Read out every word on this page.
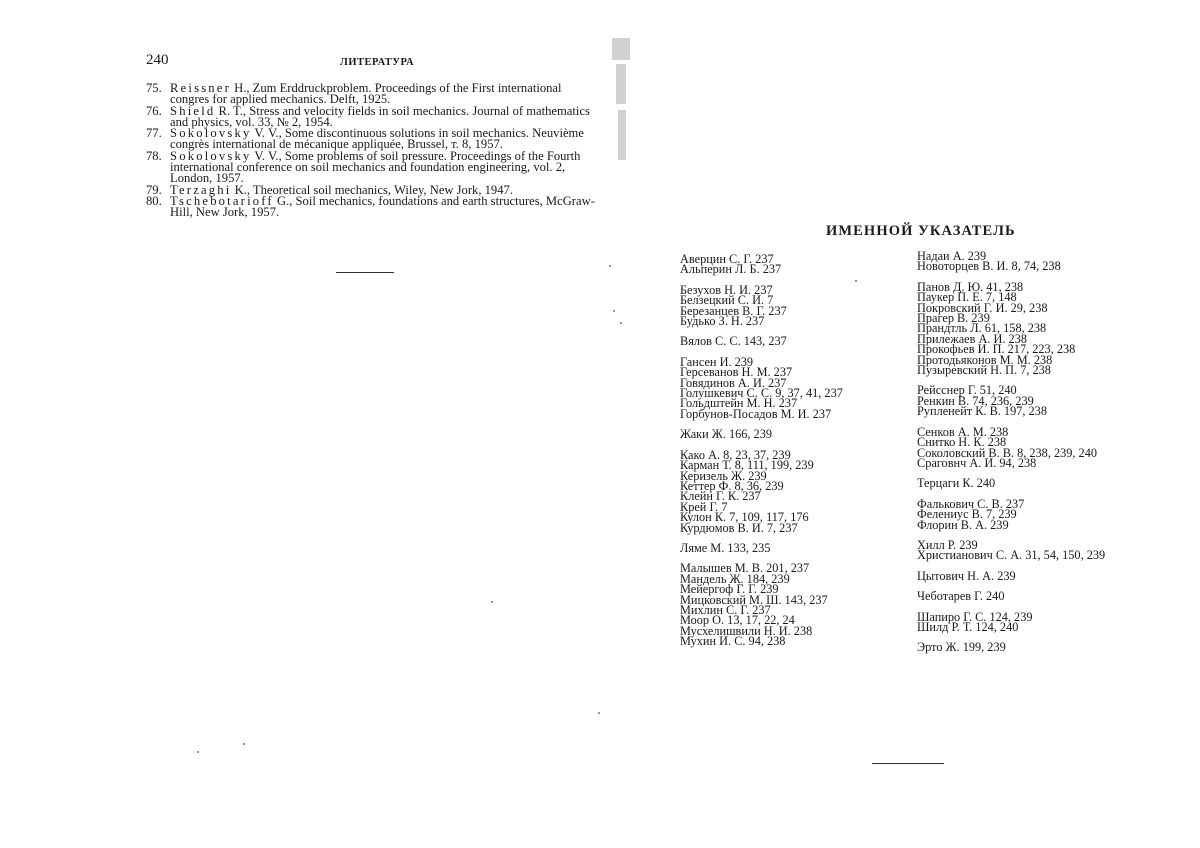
240	ЛИТЕРАТУРА
75. Reissner H., Zum Erddruckproblem. Proceedings of the First international congres for applied mechanics. Delft, 1925.
76. Shield R. T., Stress and velocity fields in soil mechanics. Journal of mathematics and physics, vol. 33, № 2, 1954.
77. Sokolovsky V. V., Some discontinuous solutions in soil mechanics. Neuvième congrès international de mécanique appliquée, Brussel, т. 8, 1957.
78. Sokolovsky V. V., Some problems of soil pressure. Proceedings of the Fourth international conference on soil mechanics and foundation engineering, vol. 2, London, 1957.
79. Terzaghi K., Theoretical soil mechanics, Wiley, New Jork, 1947.
80. Tschebotarioff G., Soil mechanics, foundations and earth structures, McGraw-Hill, New Jork, 1957.
ИМЕННОЙ УКАЗАТЕЛЬ
Аверцин С. Г. 237
Альперин Л. Б. 237
Безухов Н. И. 237
Белзецкий С. И. 7
Березанцев В. Г. 237
Будько З. Н. 237
Вялов С. С. 143, 237
Гансен И. 239
Герсеванов Н. М. 237
Говядинов А. И. 237
Голушкевич С. С. 9, 37, 41, 237
Гольдштейн М. Н. 237
Горбунов-Посадов М. И. 237
Жаки Ж. 166, 239
Како А. 8, 23, 37, 239
Карман Т. 8, 111, 199, 239
Керизель Ж. 239
Кеттер Ф. 8, 36, 239
Клейн Г. К. 237
Крей Г. 7
Кулон К. 7, 109, 117, 176
Курдюмов В. И. 7, 237
Ляме М. 133, 235
Малышев М. В. 201, 237
Мандель Ж. 184, 239
Мейергоф Г. Г. 239
Мицковский М. Ш. 143, 237
Михлин С. Г. 237
Моор О. 13, 17, 22, 24
Мусхелишвили Н. И. 238
Мухин И. С. 94, 238
Надаи А. 239
Новоторцев В. И. 8, 74, 238
Панов Д. Ю. 41, 238
Паукер П. Е. 7, 148
Покровский Г. И. 29, 238
Прагер В. 239
Прандтль Л. 61, 158, 238
Прилежаев А. И. 238
Прокофьев И. П. 217, 223, 238
Протодьяконов М. М. 238
Пузыревский Н. П. 7, 238
Рейсснер Г. 51, 240
Ренкин В. 74, 236, 239
Рупленейт К. В. 197, 238
Сенков А. М. 238
Снитко Н. К. 238
Соколовский В. В. 8, 238, 239, 240
Сраговнч А. И. 94, 238
Терцаги К. 240
Фалькович С. В. 237
Фелениус В. 7, 239
Флорин В. А. 239
Хилл Р. 239
Христианович С. А. 31, 54, 150, 239
Цытович Н. А. 239
Чеботарев Г. 240
Шапиро Г. С. 124, 239
Шилд Р. Т. 124, 240
Эрто Ж. 199, 239
